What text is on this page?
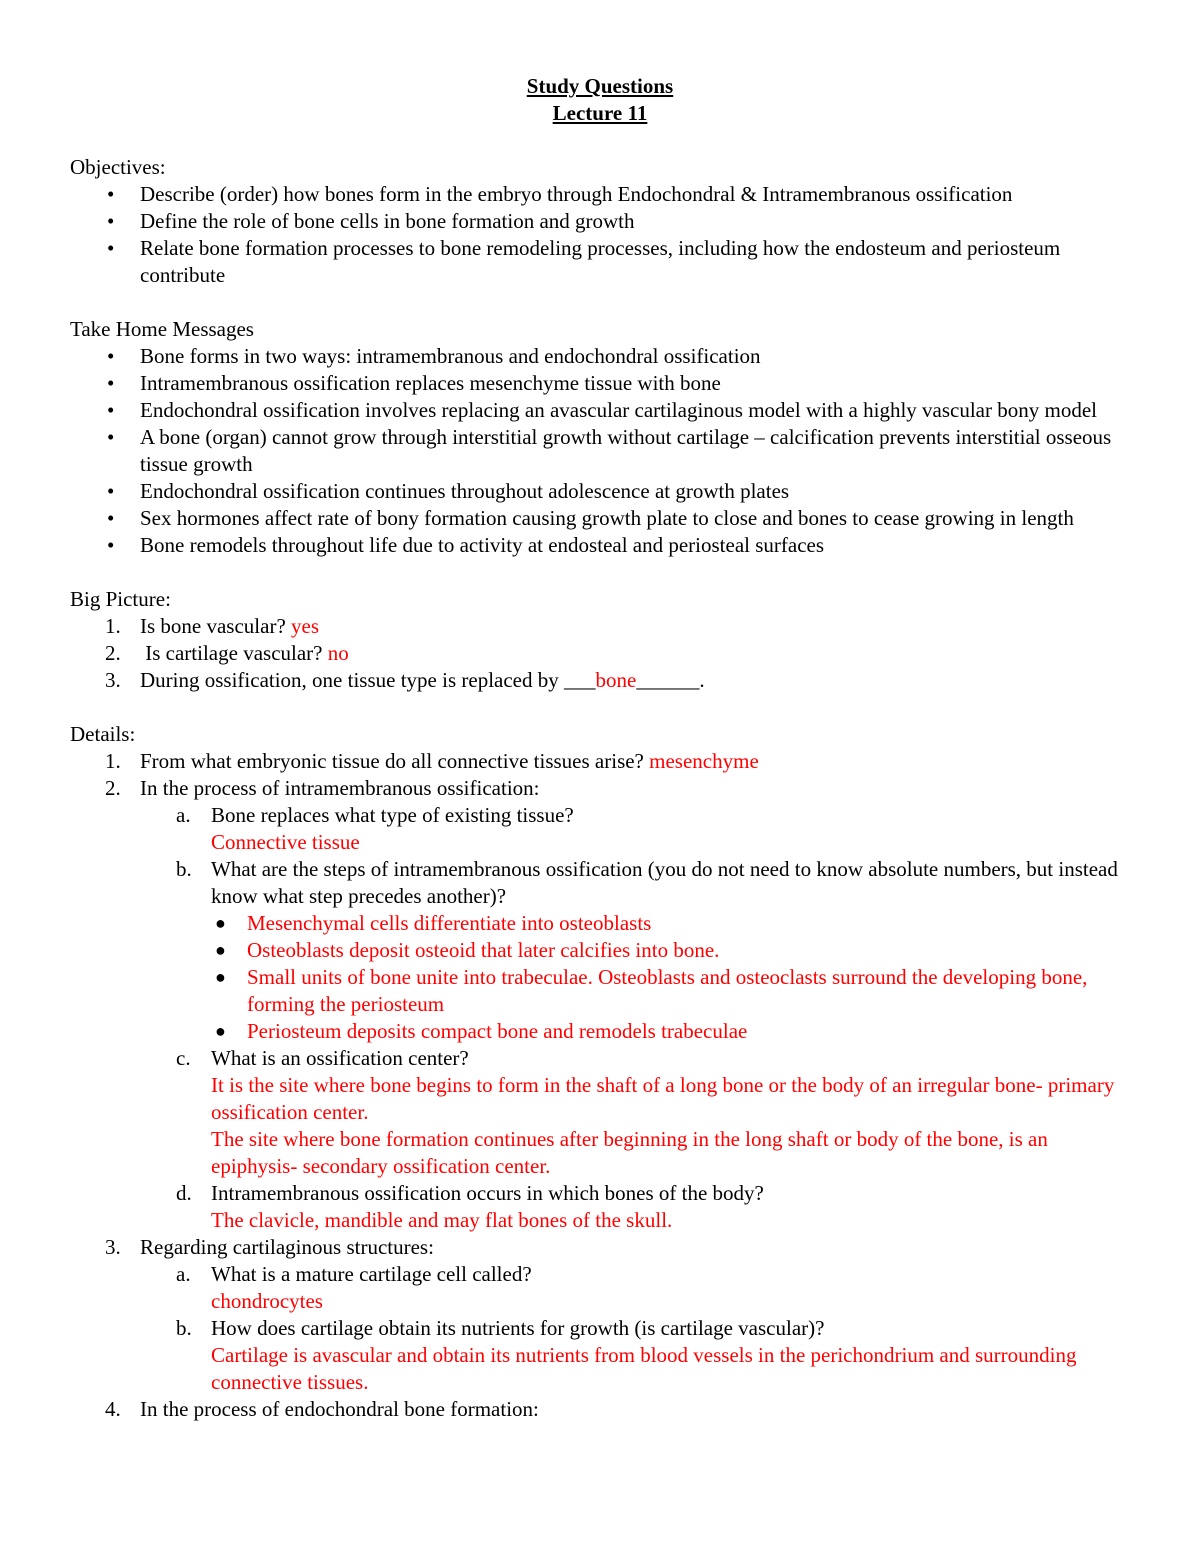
Study Questions
Lecture 11
Objectives:
•	Describe (order) how bones form in the embryo through Endochondral & Intramembranous ossification
•	Define the role of bone cells in bone formation and growth
•	Relate bone formation processes to bone remodeling processes, including how the endosteum and periosteum contribute
Take Home Messages
•	Bone forms in two ways: intramembranous and endochondral ossification
•	Intramembranous ossification replaces mesenchyme tissue with bone
•	Endochondral ossification involves replacing an avascular cartilaginous model with a highly vascular bony model
•	A bone (organ) cannot grow through interstitial growth without cartilage – calcification prevents interstitial osseous tissue growth
•	Endochondral ossification continues throughout adolescence at growth plates
•	Sex hormones affect rate of bony formation causing growth plate to close and bones to cease growing in length
•	Bone remodels throughout life due to activity at endosteal and periosteal surfaces
Big Picture:
1. Is bone vascular? yes
2. Is cartilage vascular? no
3. During ossification, one tissue type is replaced by ___bone______.
Details:
1. From what embryonic tissue do all connective tissues arise? mesenchyme
2. In the process of intramembranous ossification:
a. Bone replaces what type of existing tissue?
Connective tissue
b. What are the steps of intramembranous ossification (you do not need to know absolute numbers, but instead know what step precedes another)?
●	Mesenchymal cells differentiate into osteoblasts
●	Osteoblasts deposit osteoid that later calcifies into bone.
●	Small units of bone unite into trabeculae. Osteoblasts and osteoclasts surround the developing bone, forming the periosteum
●	Periosteum deposits compact bone and remodels trabeculae
c. What is an ossification center?
It is the site where bone begins to form in the shaft of a long bone or the body of an irregular bone- primary ossification center.
The site where bone formation continues after beginning in the long shaft or body of the bone, is an epiphysis- secondary ossification center.
d. Intramembranous ossification occurs in which bones of the body?
The clavicle, mandible and may flat bones of the skull.
3. Regarding cartilaginous structures:
a. What is a mature cartilage cell called?
chondrocytes
b. How does cartilage obtain its nutrients for growth (is cartilage vascular)?
Cartilage is avascular and obtain its nutrients from blood vessels in the perichondrium and surrounding connective tissues.
4. In the process of endochondral bone formation:
